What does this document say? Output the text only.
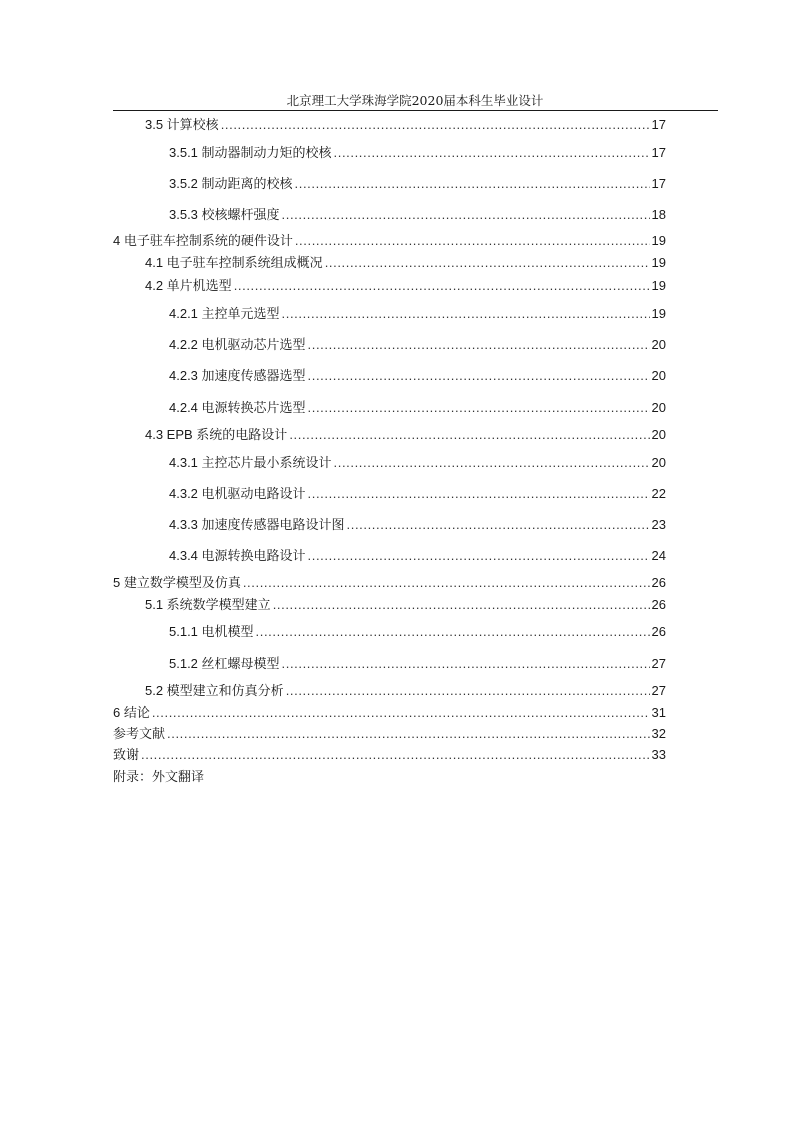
北京理工大学珠海学院2020届本科生毕业设计
3.5 计算校核 .....	17
3.5.1 制动器制动力矩的校核 .....	17
3.5.2 制动距离的校核 .....	17
3.5.3 校核螺杆强度 .....	18
4 电子驻车控制系统的硬件设计 .....	19
4.1 电子驻车控制系统组成概况 .....	19
4.2 单片机选型 .....	19
4.2.1 主控单元选型 .....	19
4.2.2 电机驱动芯片选型 .....	20
4.2.3 加速度传感器选型 .....	20
4.2.4 电源转换芯片选型 .....	20
4.3 EPB 系统的电路设计 .....	20
4.3.1 主控芯片最小系统设计 .....	20
4.3.2 电机驱动电路设计 .....	22
4.3.3 加速度传感器电路设计图 .....	23
4.3.4 电源转换电路设计 .....	24
5 建立数学模型及仿真 .....	26
5.1 系统数学模型建立 .....	26
5.1.1 电机模型 .....	26
5.1.2 丝杠螺母模型 .....	27
5.2 模型建立和仿真分析 .....	27
6 结论 .....	31
参考文献 .....	32
致谢 .....	33
附录：外文翻译
